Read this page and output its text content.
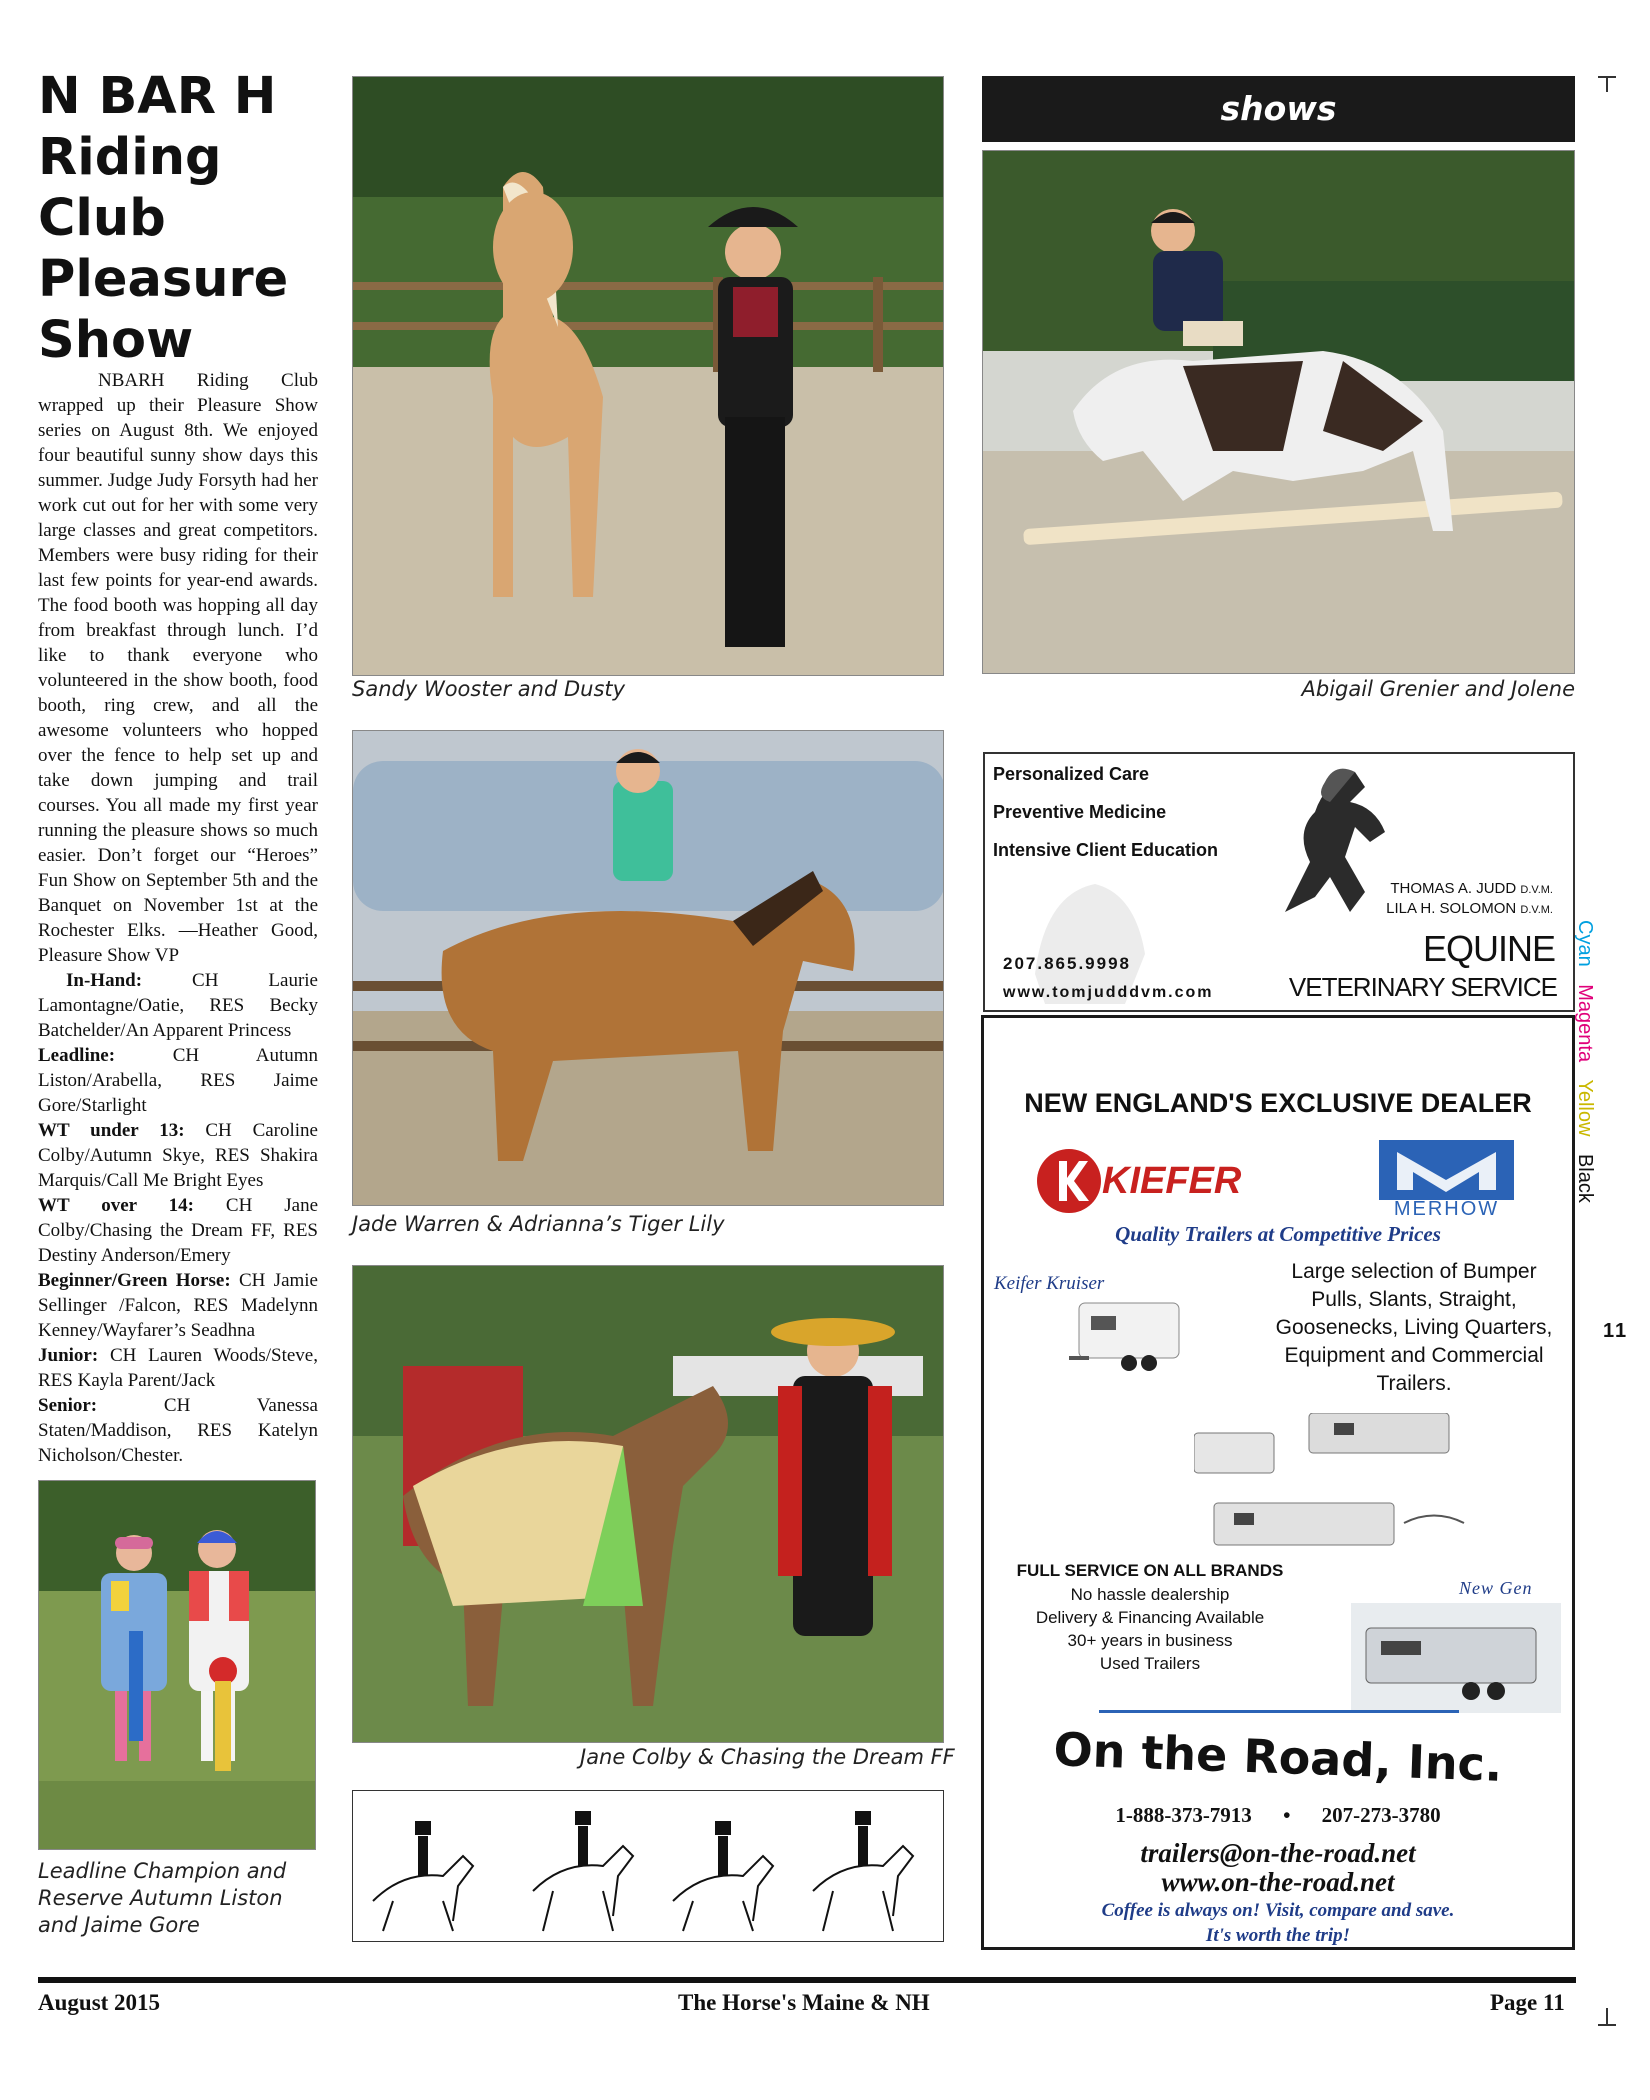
N BAR H
Riding
Club
Pleasure
Show

NBARH Riding Club wrapped up their Pleasure Show series on August 8th. We enjoyed four beautiful sunny show days this summer. Judge Judy Forsyth had her work cut out for her with some very large classes and great competitors. Members were busy riding for their last few points for year-end awards. The food booth was hopping all day from breakfast through lunch. I’d like to thank everyone who volunteered in the show booth, food booth, ring crew, and all the awesome volunteers who hopped over the fence to help set up and take down jumping and trail courses. You all made my first year running the pleasure shows so much easier. Don’t forget our “Heroes” Fun Show on September 5th and the Banquet on November 1st at the Rochester Elks. —Heather Good, Pleasure Show VP

In-Hand: CH Laurie Lamontagne/Oatie, RES Becky Batchelder/An Apparent Princess

Leadline: CH Autumn Liston/Arabella, RES Jaime Gore/Starlight

WT under 13: CH Caroline Colby/Autumn Skye, RES Shakira Marquis/Call Me Bright Eyes

WT over 14: CH Jane Colby/Chasing the Dream FF, RES Destiny Anderson/Emery

Beginner/Green Horse: CH Jamie Sellinger /Falcon, RES Madelynn Kenney/Wayfarer’s Seadhna

Junior: CH Lauren Woods/Steve, RES Kayla Parent/Jack

Senior: CH Vanessa Staten/Maddison, RES Katelyn Nicholson/Chester.

Leadline Champion and Reserve Autumn Liston and Jaime Gore
Sandy Wooster and Dusty
Jade Warren & Adrianna’s Tiger Lily
Jane Colby & Chasing the Dream FF
shows
Abigail Grenier and Jolene
Personalized Care
Preventive Medicine
Intensive Client Education
THOMAS A. JUDD D.V.M.
LILA H. SOLOMON D.V.M.
207.865.9998
www.tomjudddvm.com
EQUINE
VETERINARY SERVICE
NEW ENGLAND'S EXCLUSIVE DEALER
KIEFER
MERHOW
Quality Trailers at Competitive Prices
Keifer Kruiser
Large selection of Bumper Pulls, Slants, Straight, Goosenecks, Living Quarters, Equipment and Commercial Trailers.
FULL SERVICE ON ALL BRANDS
No hassle dealership
Delivery & Financing Available
30+ years in business
Used Trailers
New Gen
On the Road, Inc.
1-888-373-7913 • 207-273-3780
trailers@on-the-road.net
www.on-the-road.net
Coffee is always on! Visit, compare and save.
It's worth the trip!
Cyan Magenta Yellow Black
11
August 2015	The Horse's Maine & NH	Page 11
